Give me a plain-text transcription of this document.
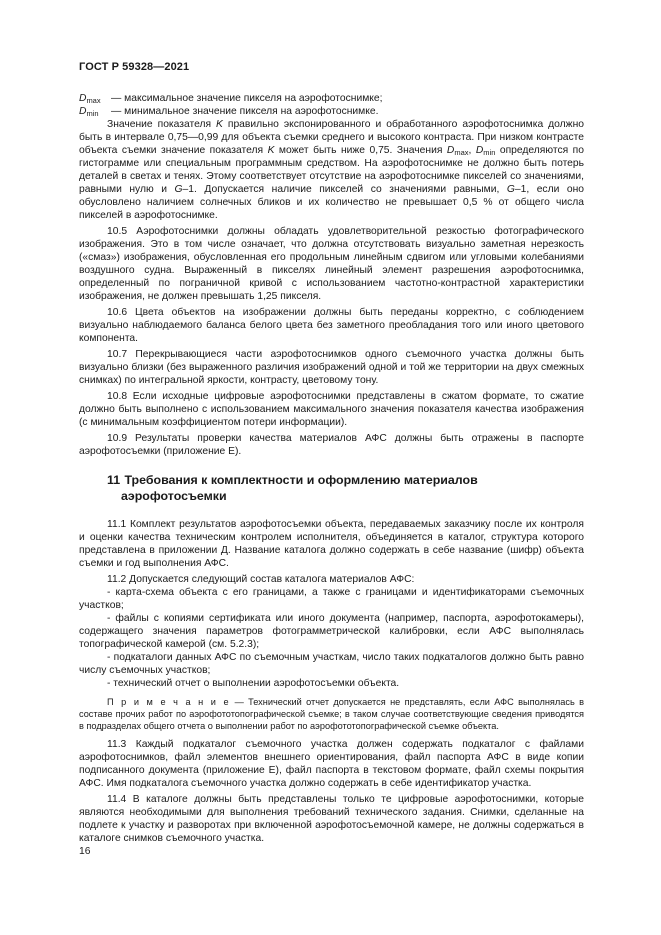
ГОСТ Р 59328—2021

$D_{max}$	— максимальное значение пикселя на аэрофотоснимке;

$D_{min}$	— минимальное значение пикселя на аэрофотоснимке.

Значение показателя K правильно экспонированного и обработанного аэрофотоснимка должно быть в интервале 0,75—0,99 для объекта съемки среднего и высокого контраста. При низком контрасте объекта съемки значение показателя K может быть ниже 0,75. Значения $D_{max}$, $D_{min}$ определяются по гистограмме или специальным программным средством. На аэрофотоснимке не должно быть потерь деталей в светах и тенях. Этому соответствует отсутствие на аэрофотоснимке пикселей со значениями, равными нулю и G–1. Допускается наличие пикселей со значениями равными, G–1, если оно обусловлено наличием солнечных бликов и их количество не превышает 0,5 % от общего числа пикселей в аэрофотоснимке.

10.5 Аэрофотоснимки должны обладать удовлетворительной резкостью фотографического изображения. Это в том числе означает, что должна отсутствовать визуально заметная нерезкость («смаз») изображения, обусловленная его продольным линейным сдвигом или угловыми колебаниями воздушного судна. Выраженный в пикселях линейный элемент разрешения аэрофотоснимка, определенный по пограничной кривой с использованием частотно-контрастной характеристики изображения, не должен превышать 1,25 пикселя.

10.6 Цвета объектов на изображении должны быть переданы корректно, с соблюдением визуально наблюдаемого баланса белого цвета без заметного преобладания того или иного цветового компонента.

10.7 Перекрывающиеся части аэрофотоснимков одного съемочного участка должны быть визуально близки (без выраженного различия изображений одной и той же территории на двух смежных снимках) по интегральной яркости, контрасту, цветовому тону.

10.8 Если исходные цифровые аэрофотоснимки представлены в сжатом формате, то сжатие должно быть выполнено с использованием максимального значения показателя качества изображения (с минимальным коэффициентом потери информации).

10.9 Результаты проверки качества материалов АФС должны быть отражены в паспорте аэрофотосъемки (приложение Е).

11 Требования к комплектности и оформлению материалов
аэрофотосъемки

11.1 Комплект результатов аэрофотосъемки объекта, передаваемых заказчику после их контроля и оценки качества техническим контролем исполнителя, объединяется в каталог, структура которого представлена в приложении Д. Название каталога должно содержать в себе название (шифр) объекта съемки и год выполнения АФС.

11.2 Допускается следующий состав каталога материалов АФС:

- карта-схема объекта с его границами, а также с границами и идентификаторами съемочных участков;

- файлы с копиями сертификата или иного документа (например, паспорта, аэрофотокамеры), содержащего значения параметров фотограмметрической калибровки, если АФС выполнялась топографической камерой (см. 5.2.3);

- подкаталоги данных АФС по съемочным участкам, число таких подкаталогов должно быть равно числу съемочных участков;

- технический отчет о выполнении аэрофотосъемки объекта.

П р и м е ч а н и е — Технический отчет допускается не представлять, если АФС выполнялась в составе прочих работ по аэрофототопографической съемке; в таком случае соответствующие сведения приводятся в подразделах общего отчета о выполнении работ по аэрофототопографической съемке объекта.

11.3 Каждый подкаталог съемочного участка должен содержать подкаталог с файлами аэрофотоснимков, файл элементов внешнего ориентирования, файл паспорта АФС в виде копии подписанного документа (приложение Е), файл паспорта в текстовом формате, файл схемы покрытия АФС. Имя подкаталога съемочного участка должно содержать в себе идентификатор участка.

11.4 В каталоге должны быть представлены только те цифровые аэрофотоснимки, которые являются необходимыми для выполнения требований технического задания. Снимки, сделанные на подлете к участку и разворотах при включенной аэрофотосъемочной камере, не должны содержаться в каталоге снимков съемочного участка.

16
